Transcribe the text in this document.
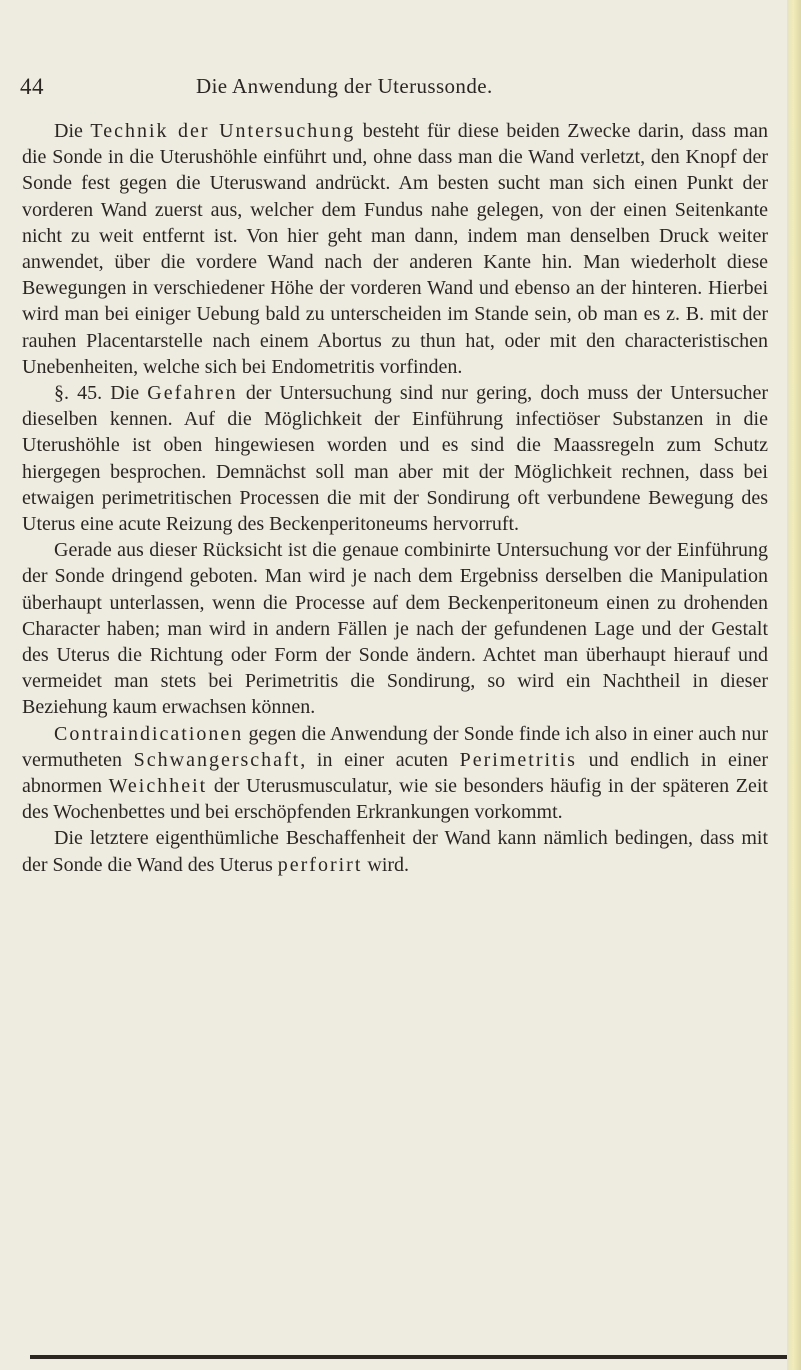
44	Die Anwendung der Uterussonde.

Die Technik der Untersuchung besteht für diese beiden Zwecke darin, dass man die Sonde in die Uterushöhle einführt und, ohne dass man die Wand verletzt, den Knopf der Sonde fest gegen die Uteruswand andrückt. Am besten sucht man sich einen Punkt der vorderen Wand zuerst aus, welcher dem Fundus nahe gelegen, von der einen Seitenkante nicht zu weit entfernt ist. Von hier geht man dann, indem man denselben Druck weiter anwendet, über die vordere Wand nach der anderen Kante hin. Man wiederholt diese Bewegungen in verschiedener Höhe der vorderen Wand und ebenso an der hinteren. Hierbei wird man bei einiger Uebung bald zu unterscheiden im Stande sein, ob man es z. B. mit der rauhen Placentarstelle nach einem Abortus zu thun hat, oder mit den characteristischen Unebenheiten, welche sich bei Endometritis vorfinden.

§. 45. Die Gefahren der Untersuchung sind nur gering, doch muss der Untersucher dieselben kennen. Auf die Möglichkeit der Einführung infectiöser Substanzen in die Uterushöhle ist oben hingewiesen worden und es sind die Maassregeln zum Schutz hiergegen besprochen. Demnächst soll man aber mit der Möglichkeit rechnen, dass bei etwaigen perimetritischen Processen die mit der Sondirung oft verbundene Bewegung des Uterus eine acute Reizung des Beckenperitoneums hervorruft.

Gerade aus dieser Rücksicht ist die genaue combinirte Untersuchung vor der Einführung der Sonde dringend geboten. Man wird je nach dem Ergebniss derselben die Manipulation überhaupt unterlassen, wenn die Processe auf dem Beckenperitoneum einen zu drohenden Character haben; man wird in andern Fällen je nach der gefundenen Lage und der Gestalt des Uterus die Richtung oder Form der Sonde ändern. Achtet man überhaupt hierauf und vermeidet man stets bei Perimetritis die Sondirung, so wird ein Nachtheil in dieser Beziehung kaum erwachsen können.

Contraindicationen gegen die Anwendung der Sonde finde ich also in einer auch nur vermutheten Schwangerschaft, in einer acuten Perimetritis und endlich in einer abnormen Weichheit der Uterusmusculatur, wie sie besonders häufig in der späteren Zeit des Wochenbettes und bei erschöpfenden Erkrankungen vorkommt.

Die letztere eigenthümliche Beschaffenheit der Wand kann nämlich bedingen, dass mit der Sonde die Wand des Uterus perforirt wird.
